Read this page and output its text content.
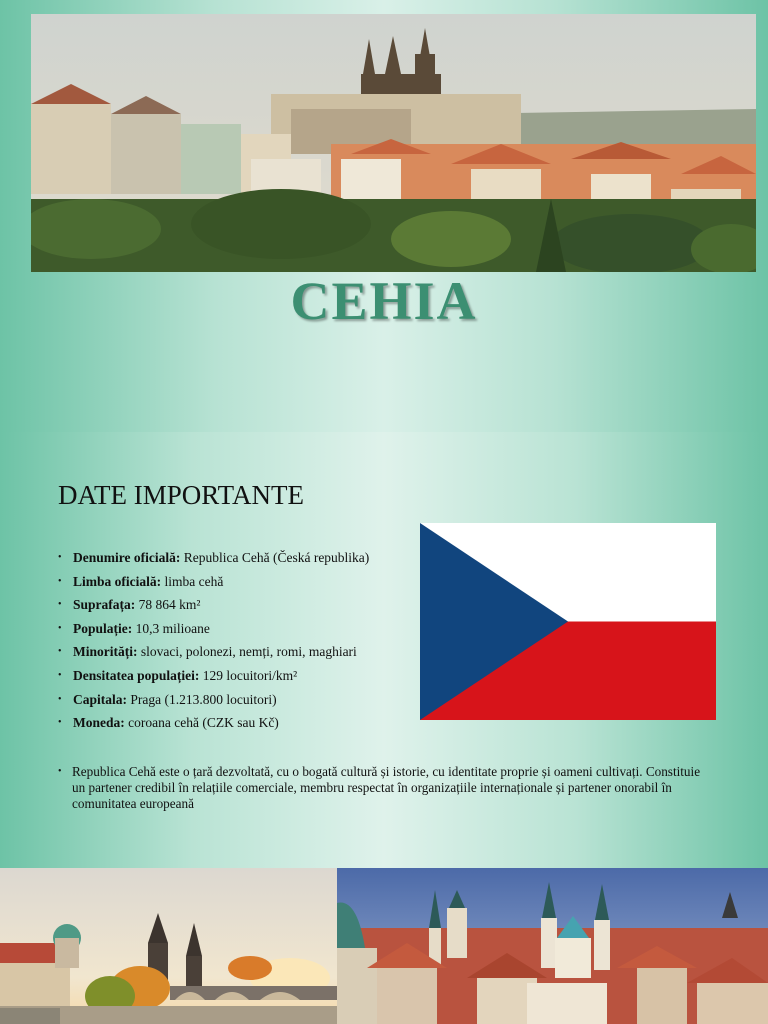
CEHIA
DATE IMPORTANTE
• Denumire oficială: Republica Cehă (Česká republika)
• Limba oficială: limba cehă
• Suprafața: 78 864 km²
• Populație: 10,3 milioane
• Minorități: slovaci, polonezi, nemți, romi, maghiari
• Densitatea populației: 129 locuitori/km²
• Capitala: Praga (1.213.800 locuitori)
• Moneda: coroana cehă (CZK sau Kč)
• Republica Cehă este o țară dezvoltată, cu o bogată cultură și istorie, cu identitate proprie și oameni cultivați. Constituie un partener credibil în relațiile comerciale, membru respectat în organizațiile internaționale și partener onorabil în comunitatea europeană
